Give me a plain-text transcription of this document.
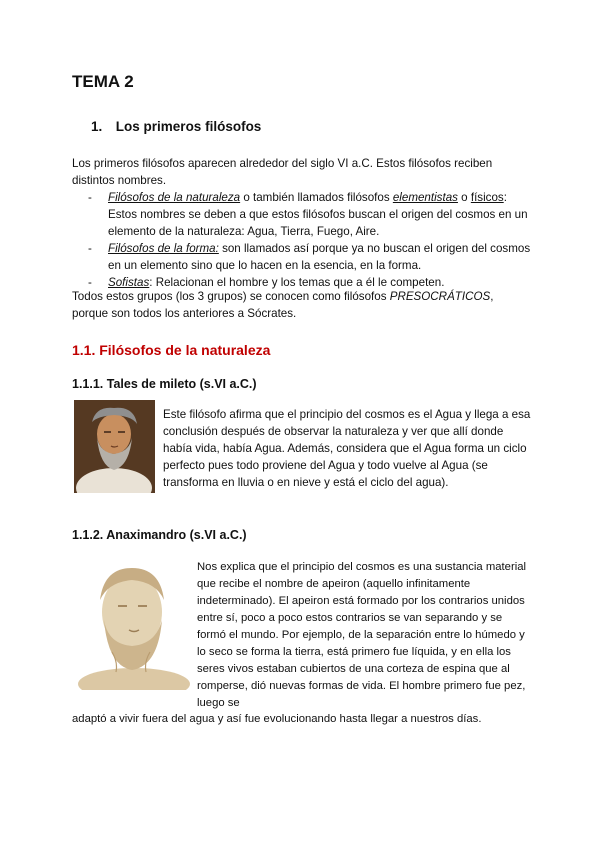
TEMA 2
1. Los primeros filósofos
Los primeros filósofos aparecen alrededor del siglo VI a.C. Estos filósofos reciben distintos nombres.
- Filósofos de la naturaleza o también llamados filósofos elementistas o físicos: Estos nombres se deben a que estos filósofos buscan el origen del cosmos en un elemento de la naturaleza: Agua, Tierra, Fuego, Aire.
- Filósofos de la forma: son llamados así porque ya no buscan el origen del cosmos en un elemento sino que lo hacen en la esencia, en la forma.
- Sofistas: Relacionan el hombre y los temas que a él le competen.
Todos estos grupos (los 3 grupos) se conocen como filósofos PRESOCRÁTICOS, porque son todos los anteriores a Sócrates.
1.1. Filósofos de la naturaleza
1.1.1. Tales de mileto (s.VI a.C.)
Este filósofo afirma que el principio del cosmos es el Agua y llega a esa conclusión después de observar la naturaleza y ver que allí donde había vida, había Agua. Además, considera que el Agua forma un ciclo perfecto pues todo proviene del Agua y todo vuelve al Agua (se transforma en lluvia o en nieve y está el ciclo del agua).
1.1.2. Anaximandro (s.VI a.C.)
Nos explica que el principio del cosmos es una sustancia material que recibe el nombre de apeiron (aquello infinitamente indeterminado). El apeiron está formado por los contrarios unidos entre sí, poco a poco estos contrarios se van separando y se formó el mundo. Por ejemplo, de la separación entre lo húmedo y lo seco se forma la tierra, está primero fue líquida, y en ella los seres vivos estaban cubiertos de una corteza de espina que al romperse, dió nuevas formas de vida. El hombre primero fue pez, luego se
adaptó a vivir fuera del agua y así fue evolucionando hasta llegar a nuestros días.
